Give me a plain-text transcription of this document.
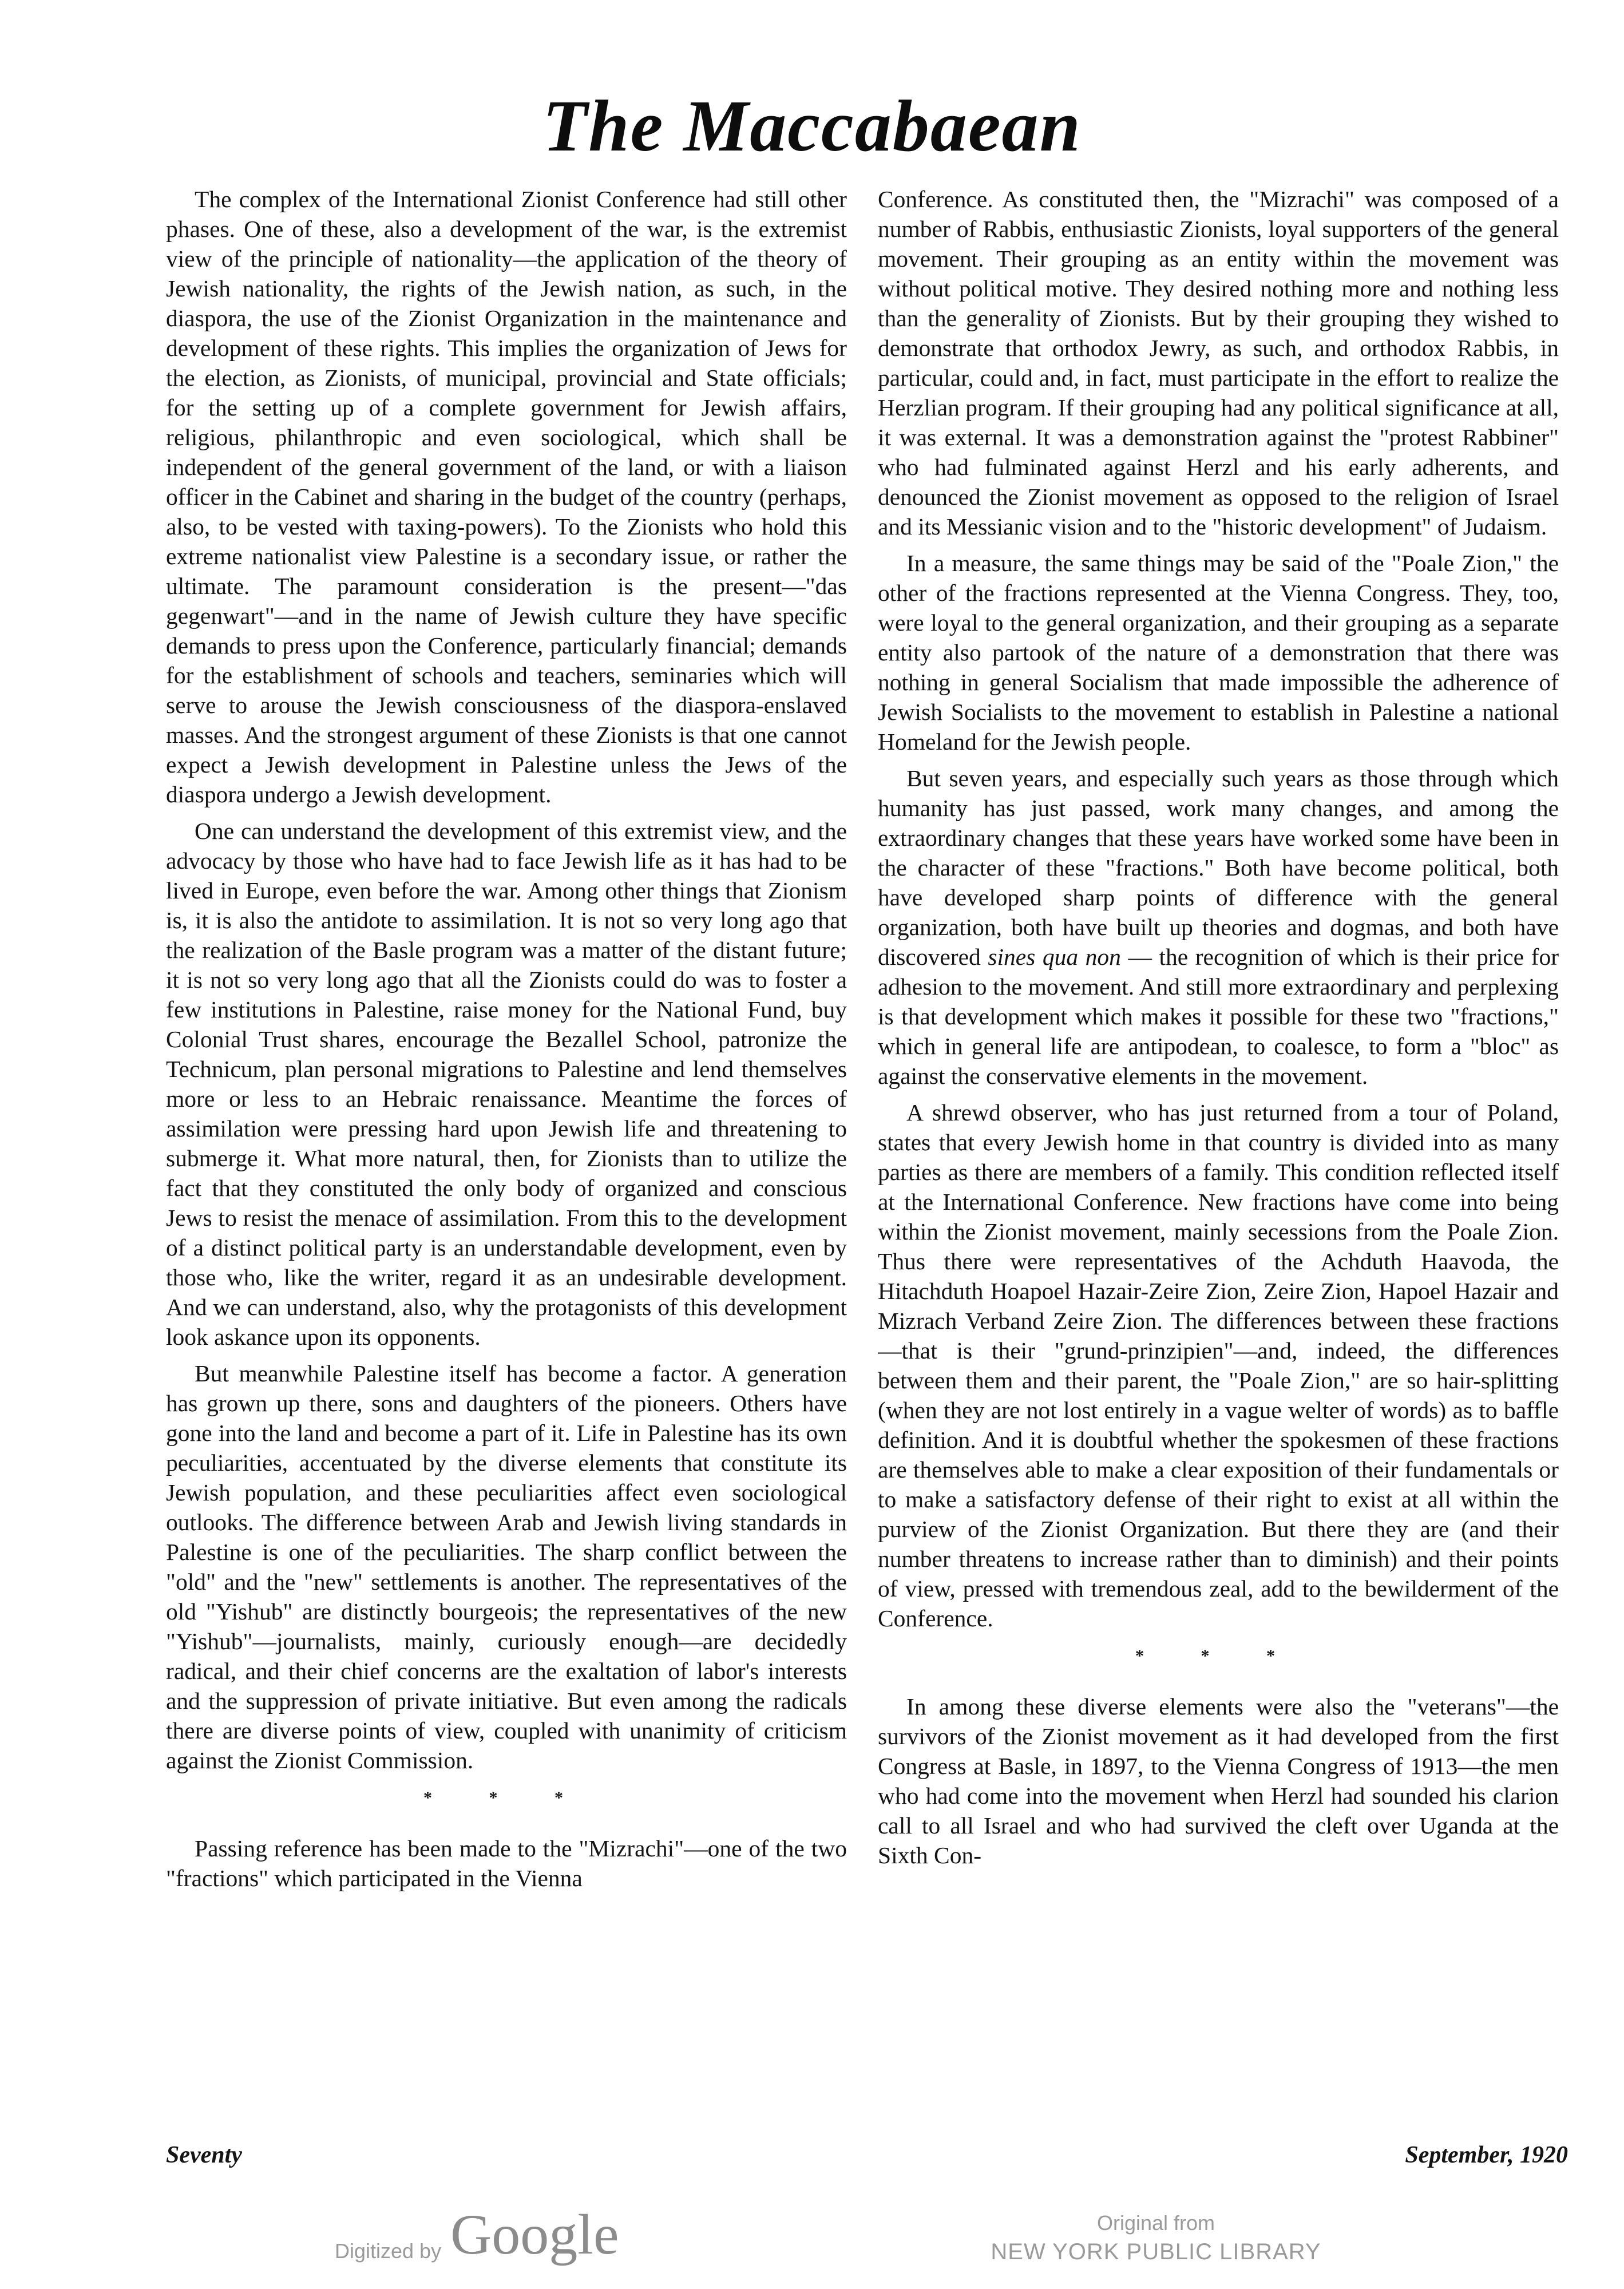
The Maccabaean

The complex of the International Zionist Conference had still other phases. One of these, also a development of the war, is the extremist view of the principle of nationality—the application of the theory of Jewish nationality, the rights of the Jewish nation, as such, in the diaspora, the use of the Zionist Organization in the maintenance and development of these rights. This implies the organization of Jews for the election, as Zionists, of municipal, provincial and State officials; for the setting up of a complete government for Jewish affairs, religious, philanthropic and even sociological, which shall be independent of the general government of the land, or with a liaison officer in the Cabinet and sharing in the budget of the country (perhaps, also, to be vested with taxing-powers). To the Zionists who hold this extreme nationalist view Palestine is a secondary issue, or rather the ultimate. The paramount consideration is the present—"das gegenwart"—and in the name of Jewish culture they have specific demands to press upon the Conference, particularly financial; demands for the establishment of schools and teachers, seminaries which will serve to arouse the Jewish consciousness of the diaspora-enslaved masses. And the strongest argument of these Zionists is that one cannot expect a Jewish development in Palestine unless the Jews of the diaspora undergo a Jewish development.

One can understand the development of this extremist view, and the advocacy by those who have had to face Jewish life as it has had to be lived in Europe, even before the war. Among other things that Zionism is, it is also the antidote to assimilation. It is not so very long ago that the realization of the Basle program was a matter of the distant future; it is not so very long ago that all the Zionists could do was to foster a few institutions in Palestine, raise money for the National Fund, buy Colonial Trust shares, encourage the Bezallel School, patronize the Technicum, plan personal migrations to Palestine and lend themselves more or less to an Hebraic renaissance. Meantime the forces of assimilation were pressing hard upon Jewish life and threatening to submerge it. What more natural, then, for Zionists than to utilize the fact that they constituted the only body of organized and conscious Jews to resist the menace of assimilation. From this to the development of a distinct political party is an understandable development, even by those who, like the writer, regard it as an undesirable development. And we can understand, also, why the protagonists of this development look askance upon its opponents.

But meanwhile Palestine itself has become a factor. A generation has grown up there, sons and daughters of the pioneers. Others have gone into the land and become a part of it. Life in Palestine has its own peculiarities, accentuated by the diverse elements that constitute its Jewish population, and these peculiarities affect even sociological outlooks. The difference between Arab and Jewish living standards in Palestine is one of the peculiarities. The sharp conflict between the "old" and the "new" settlements is another. The representatives of the old "Yishub" are distinctly bourgeois; the representatives of the new "Yishub"—journalists, mainly, curiously enough—are decidedly radical, and their chief concerns are the exaltation of labor's interests and the suppression of private initiative. But even among the radicals there are diverse points of view, coupled with unanimity of criticism against the Zionist Commission.

* * *

Passing reference has been made to the "Mizrachi"—one of the two "fractions" which participated in the Vienna

Conference. As constituted then, the "Mizrachi" was composed of a number of Rabbis, enthusiastic Zionists, loyal supporters of the general movement. Their grouping as an entity within the movement was without political motive. They desired nothing more and nothing less than the generality of Zionists. But by their grouping they wished to demonstrate that orthodox Jewry, as such, and orthodox Rabbis, in particular, could and, in fact, must participate in the effort to realize the Herzlian program. If their grouping had any political significance at all, it was external. It was a demonstration against the "protest Rabbiner" who had fulminated against Herzl and his early adherents, and denounced the Zionist movement as opposed to the religion of Israel and its Messianic vision and to the "historic development" of Judaism.

In a measure, the same things may be said of the "Poale Zion," the other of the fractions represented at the Vienna Congress. They, too, were loyal to the general organization, and their grouping as a separate entity also partook of the nature of a demonstration that there was nothing in general Socialism that made impossible the adherence of Jewish Socialists to the movement to establish in Palestine a national Homeland for the Jewish people.

But seven years, and especially such years as those through which humanity has just passed, work many changes, and among the extraordinary changes that these years have worked some have been in the character of these "fractions." Both have become political, both have developed sharp points of difference with the general organization, both have built up theories and dogmas, and both have discovered sines qua non — the recognition of which is their price for adhesion to the movement. And still more extraordinary and perplexing is that development which makes it possible for these two "fractions," which in general life are antipodean, to coalesce, to form a "bloc" as against the conservative elements in the movement.

A shrewd observer, who has just returned from a tour of Poland, states that every Jewish home in that country is divided into as many parties as there are members of a family. This condition reflected itself at the International Conference. New fractions have come into being within the Zionist movement, mainly secessions from the Poale Zion. Thus there were representatives of the Achduth Haavoda, the Hitachduth Hoapoel Hazair-Zeire Zion, Zeire Zion, Hapoel Hazair and Mizrach Verband Zeire Zion. The differences between these fractions—that is their "grund-prinzipien"—and, indeed, the differences between them and their parent, the "Poale Zion," are so hair-splitting (when they are not lost entirely in a vague welter of words) as to baffle definition. And it is doubtful whether the spokesmen of these fractions are themselves able to make a clear exposition of their fundamentals or to make a satisfactory defense of their right to exist at all within the purview of the Zionist Organization. But there they are (and their number threatens to increase rather than to diminish) and their points of view, pressed with tremendous zeal, add to the bewilderment of the Conference.

* * *

In among these diverse elements were also the "veterans"—the survivors of the Zionist movement as it had developed from the first Congress at Basle, in 1897, to the Vienna Congress of 1913—the men who had come into the movement when Herzl had sounded his clarion call to all Israel and who had survived the cleft over Uganda at the Sixth Con-

Seventy	September, 1920
Digitized by Google	Original from
NEW YORK PUBLIC LIBRARY
